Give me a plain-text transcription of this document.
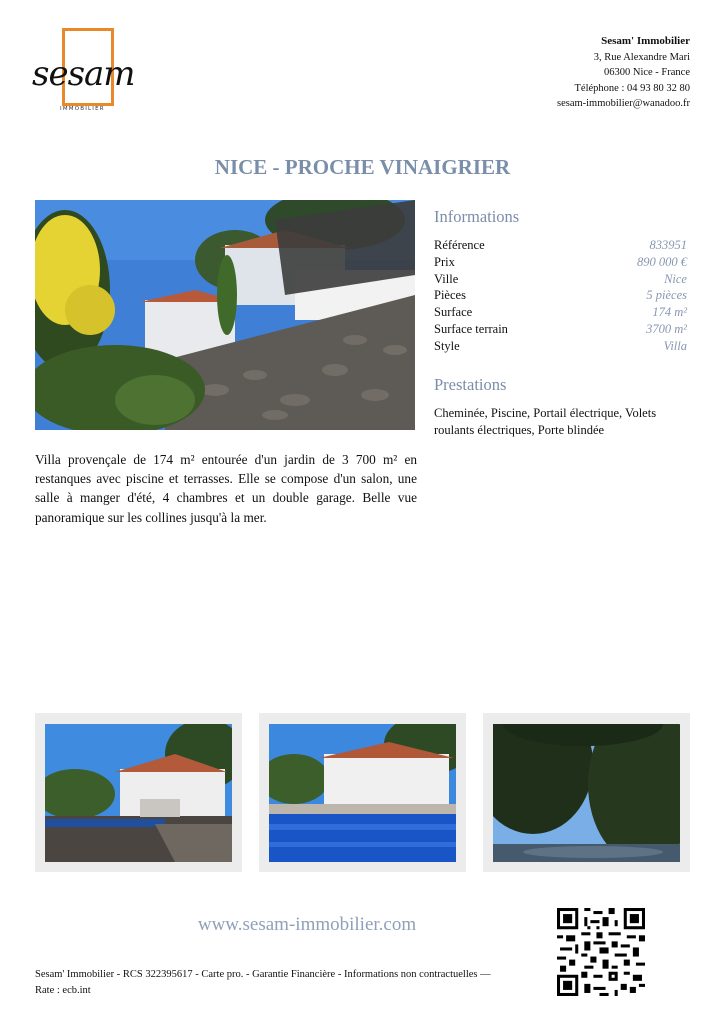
sesam
IMMOBILIER
Sesam' Immobilier
3, Rue Alexandre Mari
06300 Nice - France
Téléphone : 04 93 80 32 80
sesam-immobilier@wanadoo.fr
NICE - PROCHE VINAIGRIER
Informations
Référence	833951
Prix	890 000 €
Ville	Nice
Pièces	5 pièces
Surface	174 m²
Surface terrain	3700 m²
Style	Villa
Prestations
Cheminée, Piscine, Portail électrique, Volets roulants électriques, Porte blindée
Villa provençale de 174 m² entourée d'un jardin de 3 700 m² en restanques avec piscine et terrasses. Elle se compose d'un salon, une salle à manger d'été, 4 chambres et un double garage. Belle vue panoramique sur les collines jusqu'à la mer.
www.sesam-immobilier.com
Sesam' Immobilier - RCS 322395617 - Carte pro. - Garantie Financière - Informations non contractuelles — Rate : ecb.int
